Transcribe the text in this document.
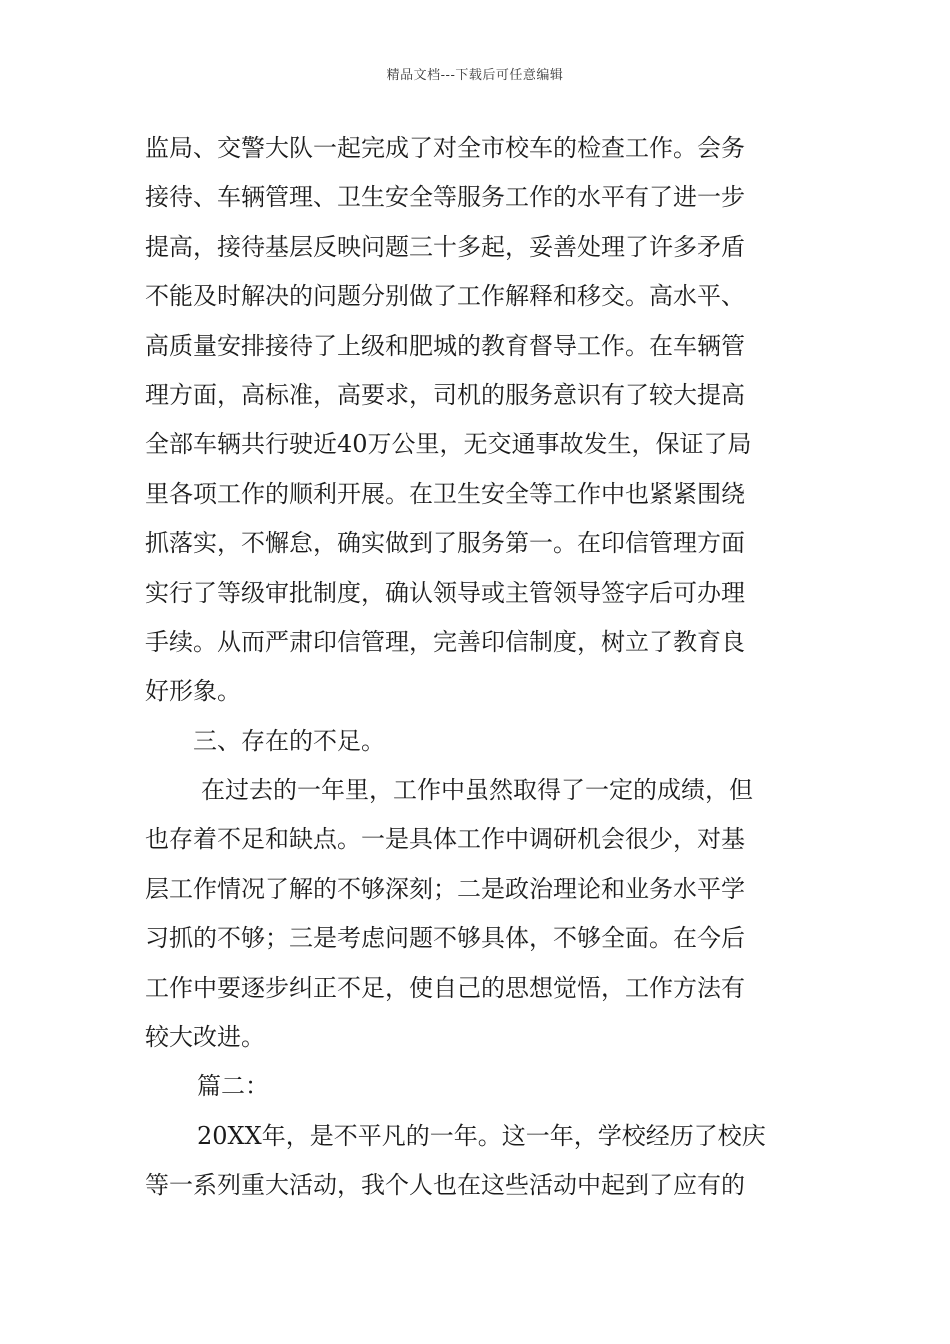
精品文档---下载后可任意编辑
监局、交警大队一起完成了对全市校车的检查工作。会务
接待、车辆管理、卫生安全等服务工作的水平有了进一步
提高，接待基层反映问题三十多起，妥善处理了许多矛盾
不能及时解决的问题分别做了工作解释和移交。高水平、
高质量安排接待了上级和肥城的教育督导工作。在车辆管
理方面，高标准，高要求，司机的服务意识有了较大提高
全部车辆共行驶近40万公里，无交通事故发生，保证了局
里各项工作的顺利开展。在卫生安全等工作中也紧紧围绕
抓落实，不懈怠，确实做到了服务第一。在印信管理方面
实行了等级审批制度，确认领导或主管领导签字后可办理
手续。从而严肃印信管理，完善印信制度，树立了教育良
好形象。
三、存在的不足。
在过去的一年里，工作中虽然取得了一定的成绩，但
也存着不足和缺点。一是具体工作中调研机会很少，对基
层工作情况了解的不够深刻；二是政治理论和业务水平学
习抓的不够；三是考虑问题不够具体，不够全面。在今后
工作中要逐步纠正不足，使自己的思想觉悟，工作方法有
较大改进。
篇二：
20XX年，是不平凡的一年。这一年，学校经历了校庆
等一系列重大活动，我个人也在这些活动中起到了应有的
